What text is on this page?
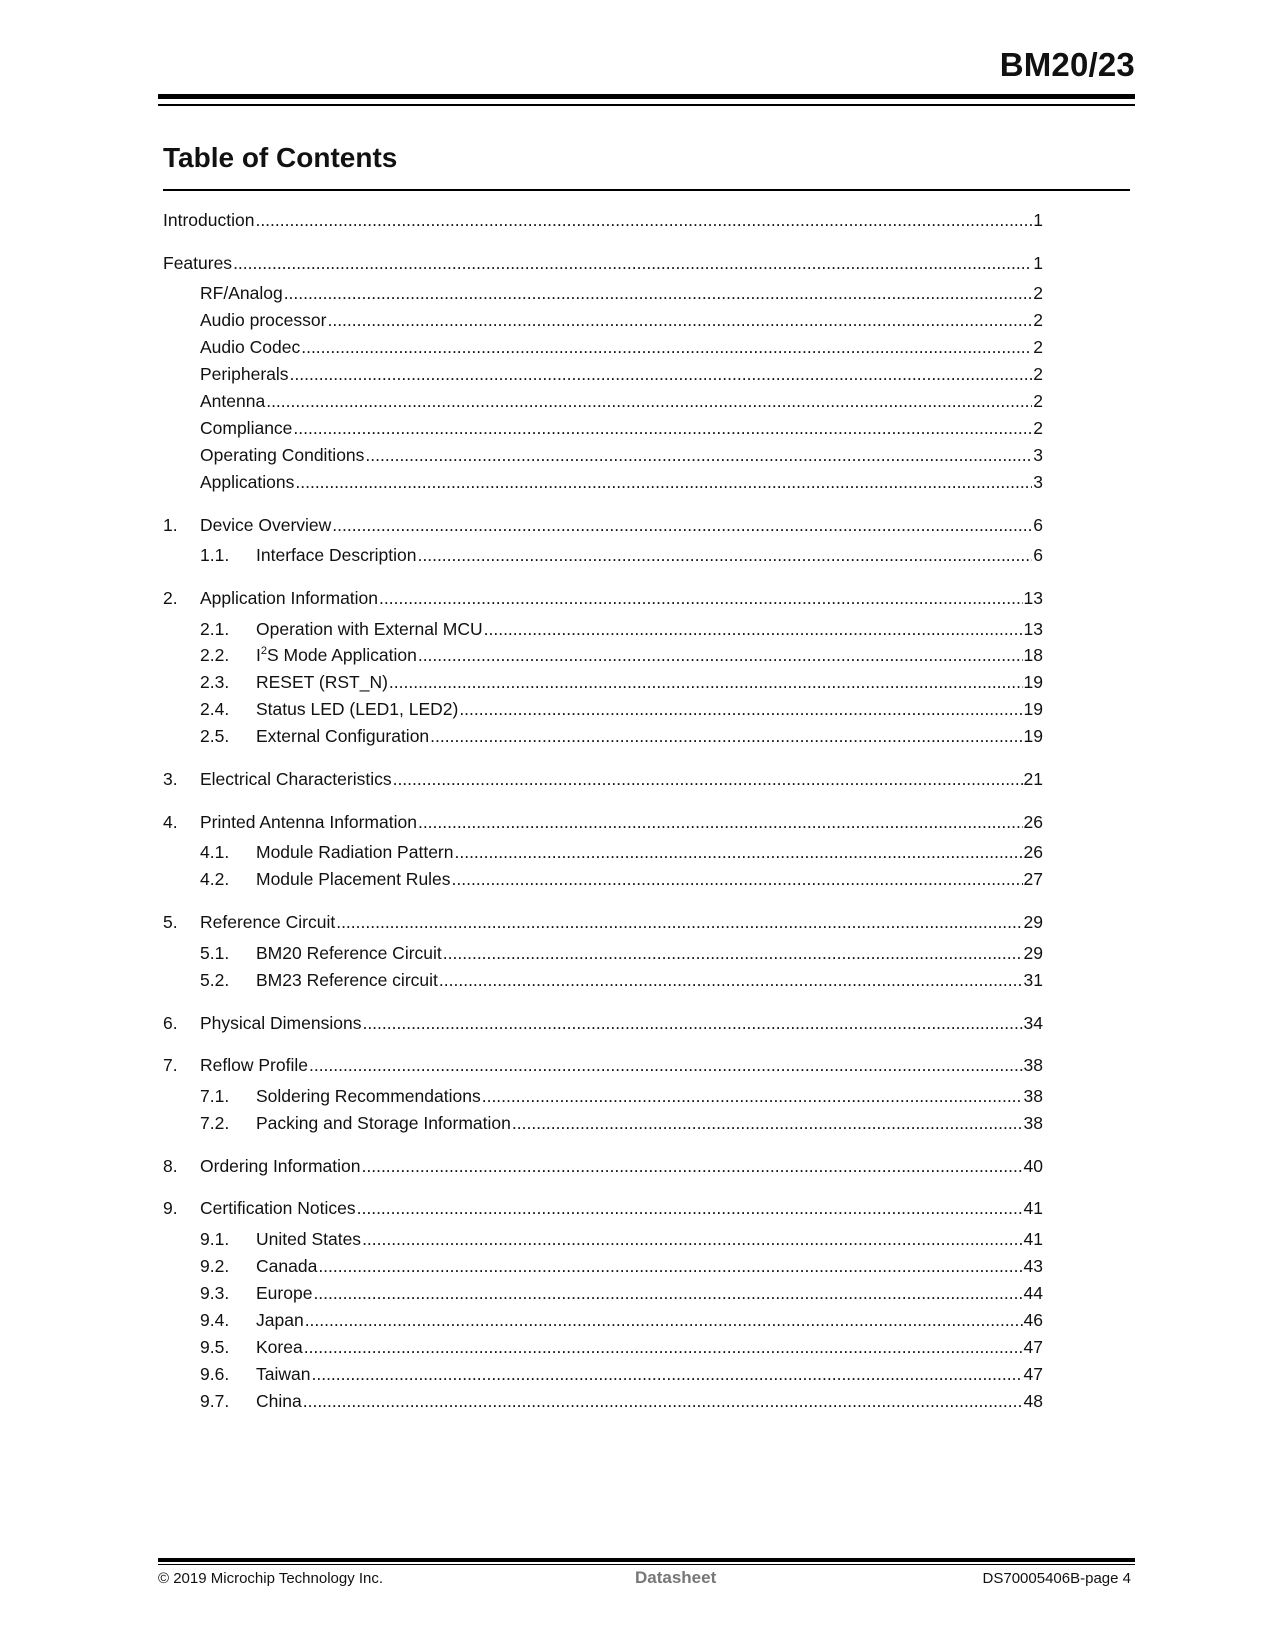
BM20/23
Table of Contents
Introduction .....	1
Features .....	1
RF/Analog .....	2
Audio processor .....	2
Audio Codec .....	2
Peripherals .....	2
Antenna .....	2
Compliance .....	2
Operating Conditions .....	3
Applications .....	3
1.	Device Overview .....	6
1.1.	Interface Description .....	6
2.	Application Information .....	13
2.1.	Operation with External MCU .....	13
2.2.	$I^2S$ Mode Application .....	18
2.3.	RESET (RST_N) .....	19
2.4.	Status LED (LED1, LED2) .....	19
2.5.	External Configuration .....	19
3.	Electrical Characteristics .....	21
4.	Printed Antenna Information .....	26
4.1.	Module Radiation Pattern .....	26
4.2.	Module Placement Rules .....	27
5.	Reference Circuit .....	29
5.1.	BM20 Reference Circuit .....	29
5.2.	BM23 Reference circuit .....	31
6.	Physical Dimensions .....	34
7.	Reflow Profile .....	38
7.1.	Soldering Recommendations .....	38
7.2.	Packing and Storage Information .....	38
8.	Ordering Information .....	40
9.	Certification Notices .....	41
9.1.	United States .....	41
9.2.	Canada .....	43
9.3.	Europe .....	44
9.4.	Japan .....	46
9.5.	Korea .....	47
9.6.	Taiwan .....	47
9.7.	China .....	48
© 2019 Microchip Technology Inc.	Datasheet	DS70005406B-page 4
